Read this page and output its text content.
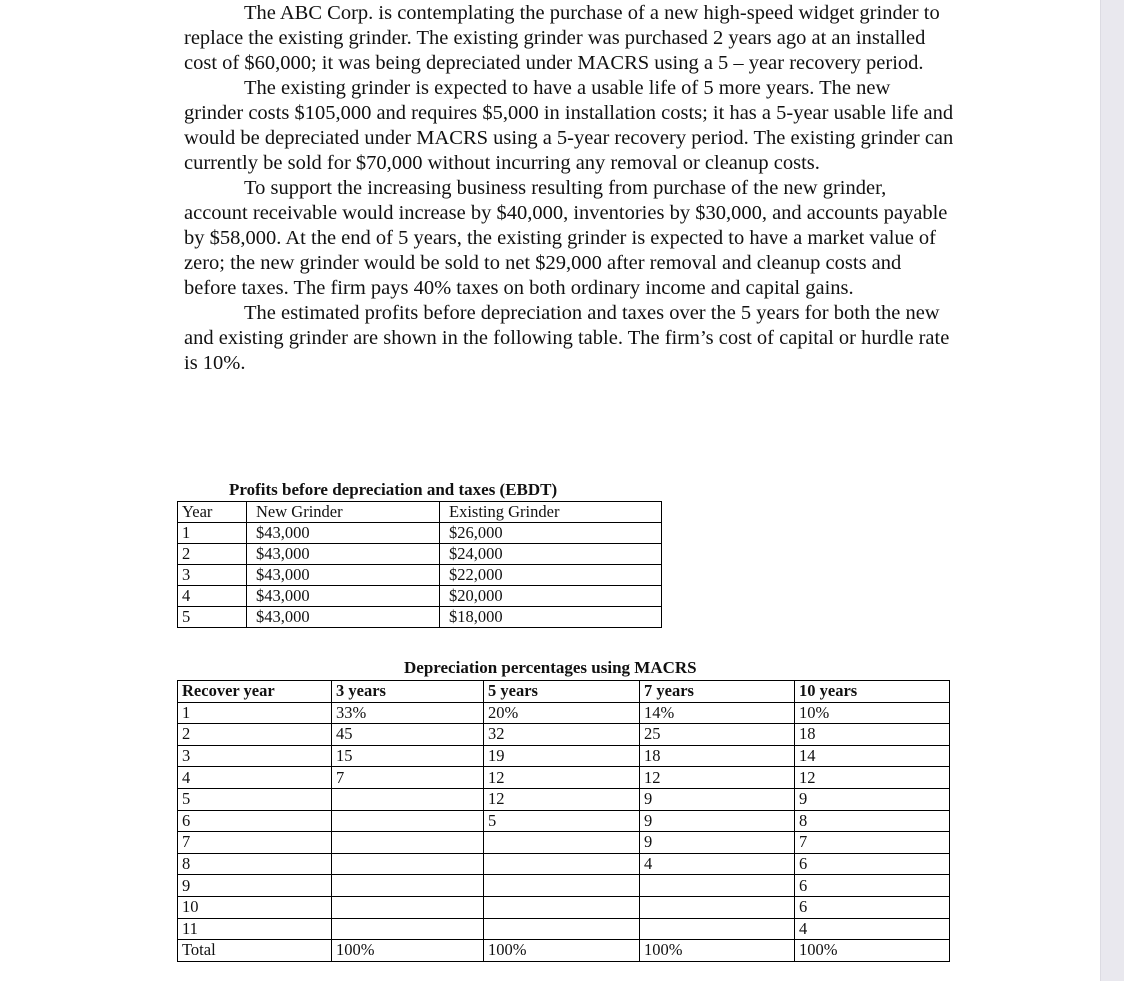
The ABC Corp. is contemplating the purchase of a new high-speed widget grinder to replace the existing grinder. The existing grinder was purchased 2 years ago at an installed cost of $60,000; it was being depreciated under MACRS using a 5 – year recovery period.

The existing grinder is expected to have a usable life of 5 more years. The new grinder costs $105,000 and requires $5,000 in installation costs; it has a 5-year usable life and would be depreciated under MACRS using a 5-year recovery period. The existing grinder can currently be sold for $70,000 without incurring any removal or cleanup costs.

To support the increasing business resulting from purchase of the new grinder, account receivable would increase by $40,000, inventories by $30,000, and accounts payable by $58,000. At the end of 5 years, the existing grinder is expected to have a market value of zero; the new grinder would be sold to net $29,000 after removal and cleanup costs and before taxes. The firm pays 40% taxes on both ordinary income and capital gains.

The estimated profits before depreciation and taxes over the 5 years for both the new and existing grinder are shown in the following table. The firm’s cost of capital or hurdle rate is 10%.

Profits before depreciation and taxes (EBDT)
Year	New Grinder	Existing Grinder
1	$43,000	$26,000
2	$43,000	$24,000
3	$43,000	$22,000
4	$43,000	$20,000
5	$43,000	$18,000
Depreciation percentages using MACRS
Recover year	3 years	5 years	7 years	10 years
1	33%	20%	14%	10%
2	45	32	25	18
3	15	19	18	14
4	7	12	12	12
5		12	9	9
6		5	9	8
7			9	7
8			4	6
9				6
10				6
11				4
Total	100%	100%	100%	100%
